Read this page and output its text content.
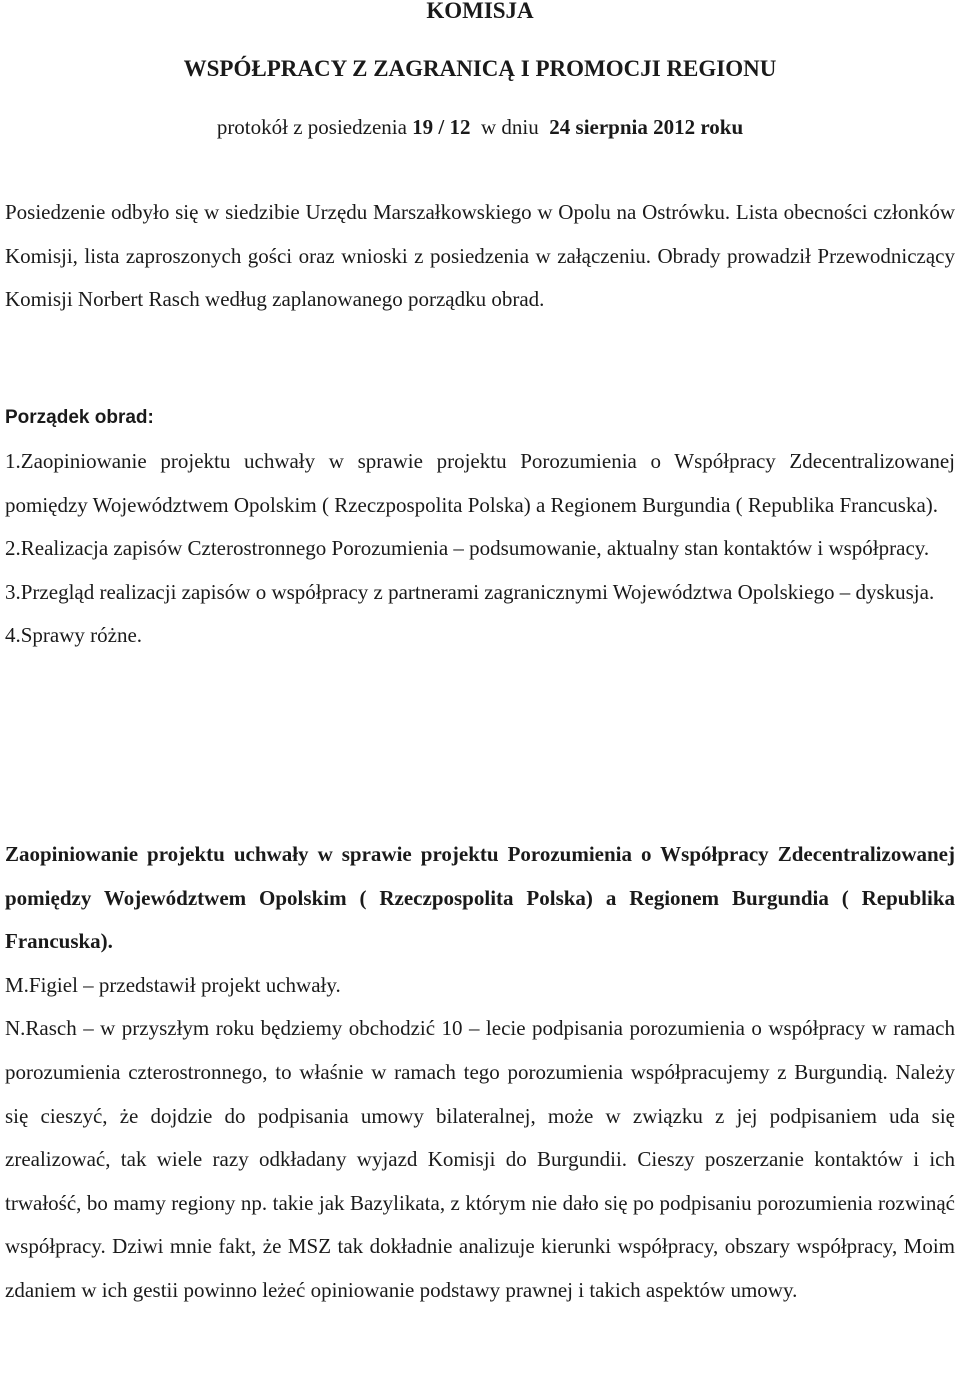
KOMISJA
WSPÓŁPRACY Z ZAGRANICĄ I PROMOCJI REGIONU
protokół z posiedzenia 19 / 12  w dniu  24 sierpnia 2012 roku

Posiedzenie odbyło się w siedzibie Urzędu Marszałkowskiego w Opolu na Ostrówku. Lista obecności członków Komisji, lista zaproszonych gości oraz wnioski z posiedzenia w załączeniu. Obrady prowadził Przewodniczący Komisji Norbert Rasch według zaplanowanego porządku obrad.

Porządek obrad:

1.Zaopiniowanie projektu uchwały w sprawie projektu Porozumienia o Współpracy Zdecentralizowanej pomiędzy Województwem Opolskim ( Rzeczpospolita Polska) a Regionem Burgundia ( Republika Francuska).

2.Realizacja zapisów Czterostronnego Porozumienia – podsumowanie, aktualny stan kontaktów i współpracy.

3.Przegląd realizacji zapisów o współpracy z partnerami zagranicznymi Województwa Opolskiego – dyskusja.

4.Sprawy różne.

Zaopiniowanie projektu uchwały w sprawie projektu Porozumienia o Współpracy Zdecentralizowanej pomiędzy Województwem Opolskim ( Rzeczpospolita Polska) a Regionem Burgundia ( Republika Francuska).

M.Figiel – przedstawił projekt uchwały.

N.Rasch – w przyszłym roku będziemy obchodzić 10 – lecie podpisania porozumienia o współpracy w ramach porozumienia czterostronnego, to właśnie w ramach tego porozumienia współpracujemy z Burgundią. Należy się cieszyć, że dojdzie do podpisania umowy bilateralnej, może w związku z jej podpisaniem uda się zrealizować, tak wiele razy odkładany wyjazd Komisji do Burgundii. Cieszy poszerzanie kontaktów i ich trwałość, bo mamy regiony np. takie jak Bazylikata, z którym nie dało się po podpisaniu porozumienia rozwinąć współpracy. Dziwi mnie fakt, że MSZ tak dokładnie analizuje kierunki współpracy, obszary współpracy, Moim zdaniem w ich gestii powinno leżeć opiniowanie podstawy prawnej i takich aspektów umowy.
